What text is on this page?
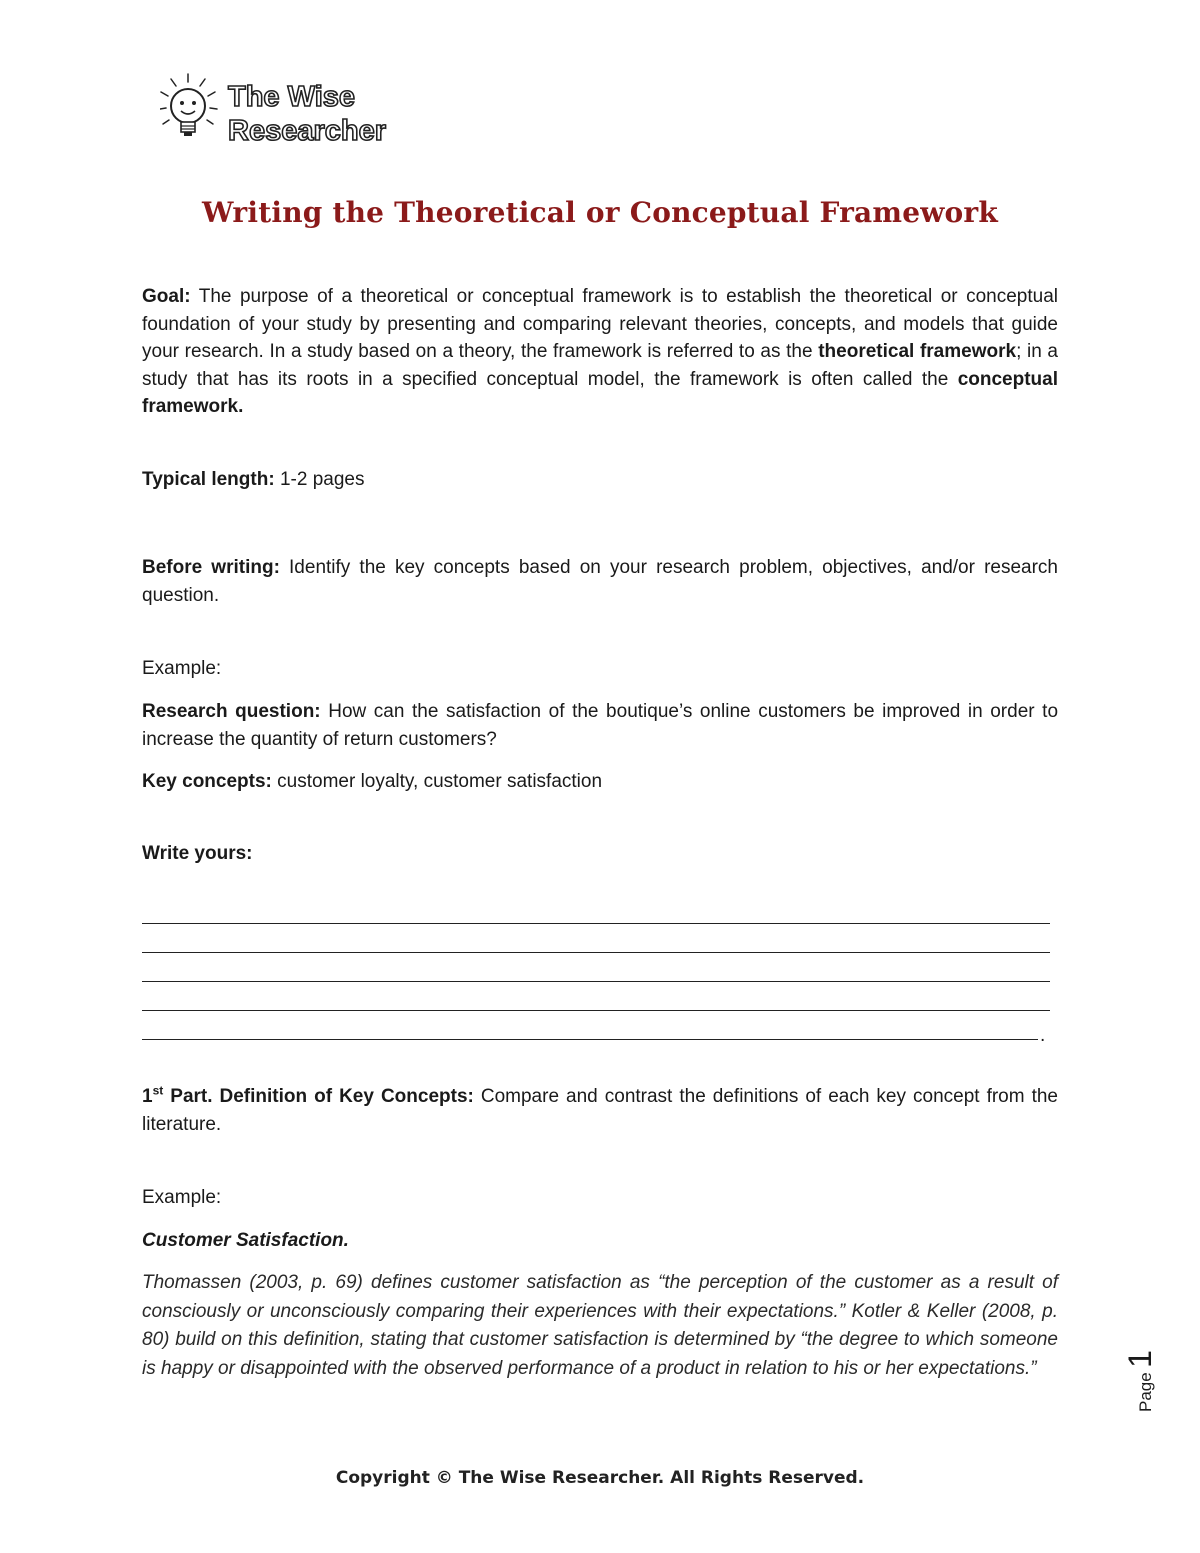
The Wise
Researcher
Writing the Theoretical or Conceptual Framework

Goal: The purpose of a theoretical or conceptual framework is to establish the theoretical or conceptual foundation of your study by presenting and comparing relevant theories, concepts, and models that guide your research. In a study based on a theory, the framework is referred to as the theoretical framework; in a study that has its roots in a specified conceptual model, the framework is often called the conceptual framework.

Typical length: 1-2 pages

Before writing: Identify the key concepts based on your research problem, objectives, and/or research question.

Example:

Research question: How can the satisfaction of the boutique’s online customers be improved in order to increase the quantity of return customers?

Key concepts: customer loyalty, customer satisfaction

Write yours:

.

1st Part. Definition of Key Concepts: Compare and contrast the definitions of each key concept from the literature.

Example:

Customer Satisfaction.

Thomassen (2003, p. 69) defines customer satisfaction as “the perception of the customer as a result of consciously or unconsciously comparing their experiences with their expectations.” Kotler & Keller (2008, p. 80) build on this definition, stating that customer satisfaction is determined by “the degree to which someone is happy or disappointed with the observed performance of a product in relation to his or her expectations.”

Page 1
Copyright © The Wise Researcher. All Rights Reserved.
